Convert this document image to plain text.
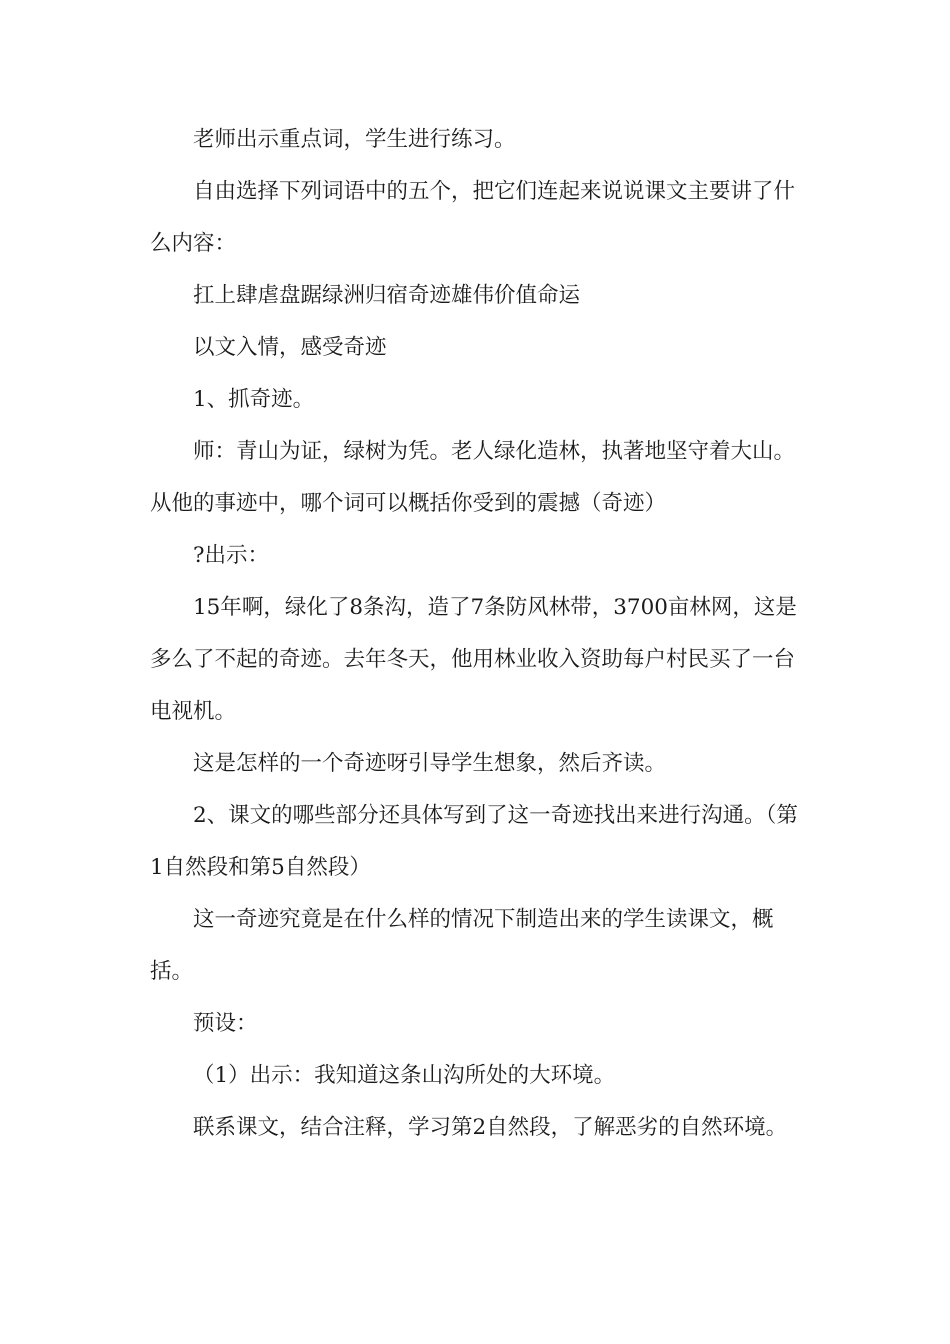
老师出示重点词，学生进行练习。

自由选择下列词语中的五个，把它们连起来说说课文主要讲了什么内容：

扛上肆虐盘踞绿洲归宿奇迹雄伟价值命运

以文入情，感受奇迹

1、抓奇迹。

师：青山为证，绿树为凭。老人绿化造林，执著地坚守着大山。从他的事迹中，哪个词可以概括你受到的震撼（奇迹）

?出示：

15年啊，绿化了8条沟，造了7条防风林带，3700亩林网，这是多么了不起的奇迹。去年冬天，他用林业收入资助每户村民买了一台电视机。

这是怎样的一个奇迹呀引导学生想象，然后齐读。

2、课文的哪些部分还具体写到了这一奇迹找出来进行沟通。（第1自然段和第5自然段）

这一奇迹究竟是在什么样的情况下制造出来的学生读课文，概括。

预设：

（1）出示：我知道这条山沟所处的大环境。

联系课文，结合注释，学习第2自然段，了解恶劣的自然环境。
